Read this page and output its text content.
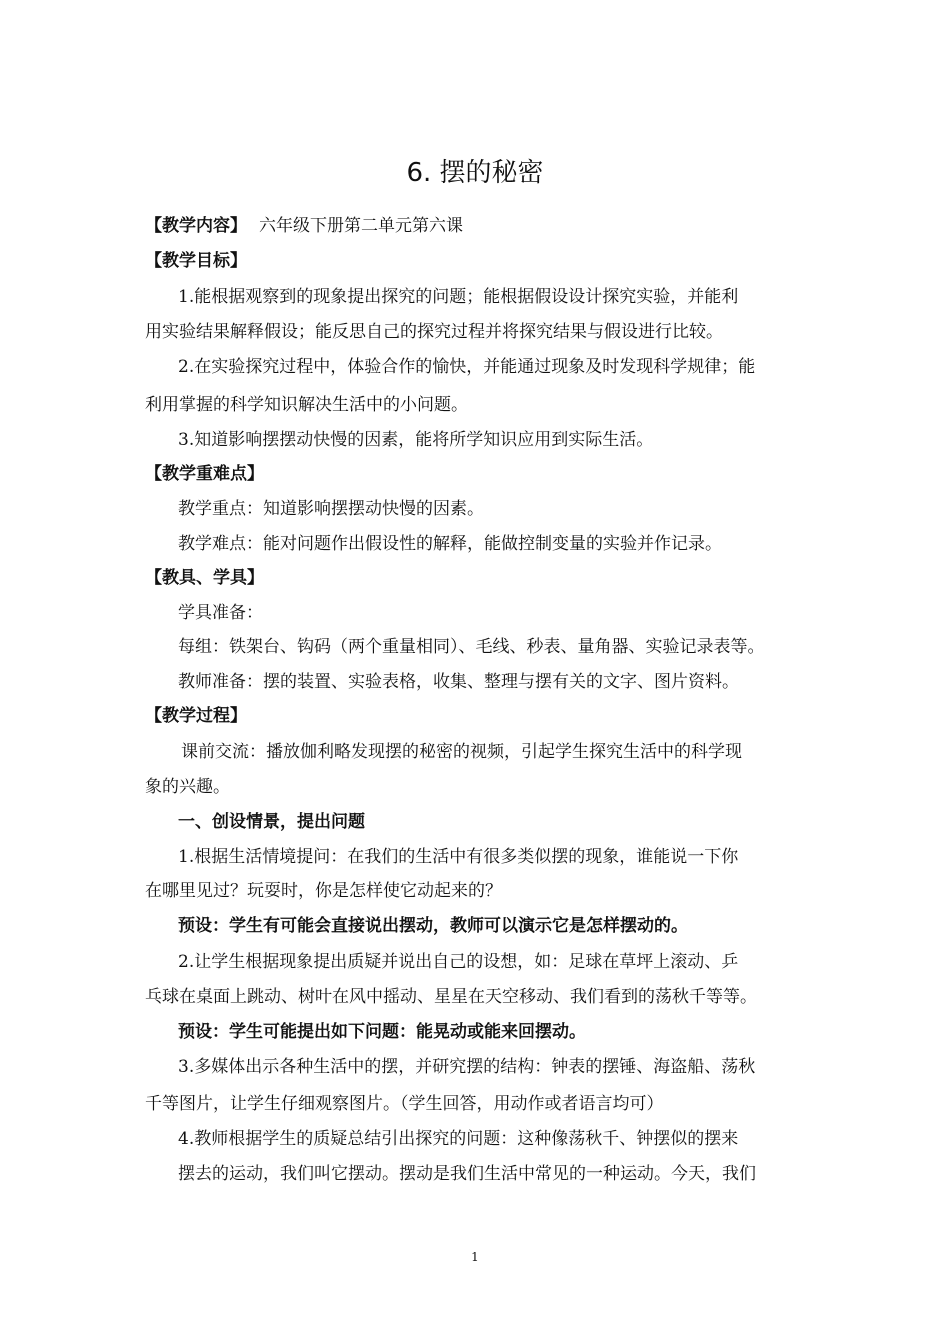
6. 摆的秘密
【教学内容】 六年级下册第二单元第六课
【教学目标】
1.能根据观察到的现象提出探究的问题；能根据假设设计探究实验，并能利
用实验结果解释假设；能反思自己的探究过程并将探究结果与假设进行比较。
2.在实验探究过程中，体验合作的愉快，并能通过现象及时发现科学规律；能
利用掌握的科学知识解决生活中的小问题。
3.知道影响摆摆动快慢的因素，能将所学知识应用到实际生活。
【教学重难点】
教学重点：知道影响摆摆动快慢的因素。
教学难点：能对问题作出假设性的解释，能做控制变量的实验并作记录。
【教具、学具】
学具准备：
每组：铁架台、钩码（两个重量相同）、毛线、秒表、量角器、实验记录表等。
教师准备：摆的装置、实验表格，收集、整理与摆有关的文字、图片资料。
【教学过程】
课前交流：播放伽利略发现摆的秘密的视频，引起学生探究生活中的科学现
象的兴趣。
一、创设情景，提出问题
1.根据生活情境提问：在我们的生活中有很多类似摆的现象，谁能说一下你
在哪里见过？玩耍时，你是怎样使它动起来的？
预设：学生有可能会直接说出摆动，教师可以演示它是怎样摆动的。
2.让学生根据现象提出质疑并说出自己的设想，如：足球在草坪上滚动、乒
乓球在桌面上跳动、树叶在风中摇动、星星在天空移动、我们看到的荡秋千等等。
预设：学生可能提出如下问题：能晃动或能来回摆动。
3.多媒体出示各种生活中的摆，并研究摆的结构：钟表的摆锤、海盗船、荡秋
千等图片，让学生仔细观察图片。（学生回答，用动作或者语言均可）
4.教师根据学生的质疑总结引出探究的问题：这种像荡秋千、钟摆似的摆来
摆去的运动，我们叫它摆动。摆动是我们生活中常见的一种运动。今天，我们
1
